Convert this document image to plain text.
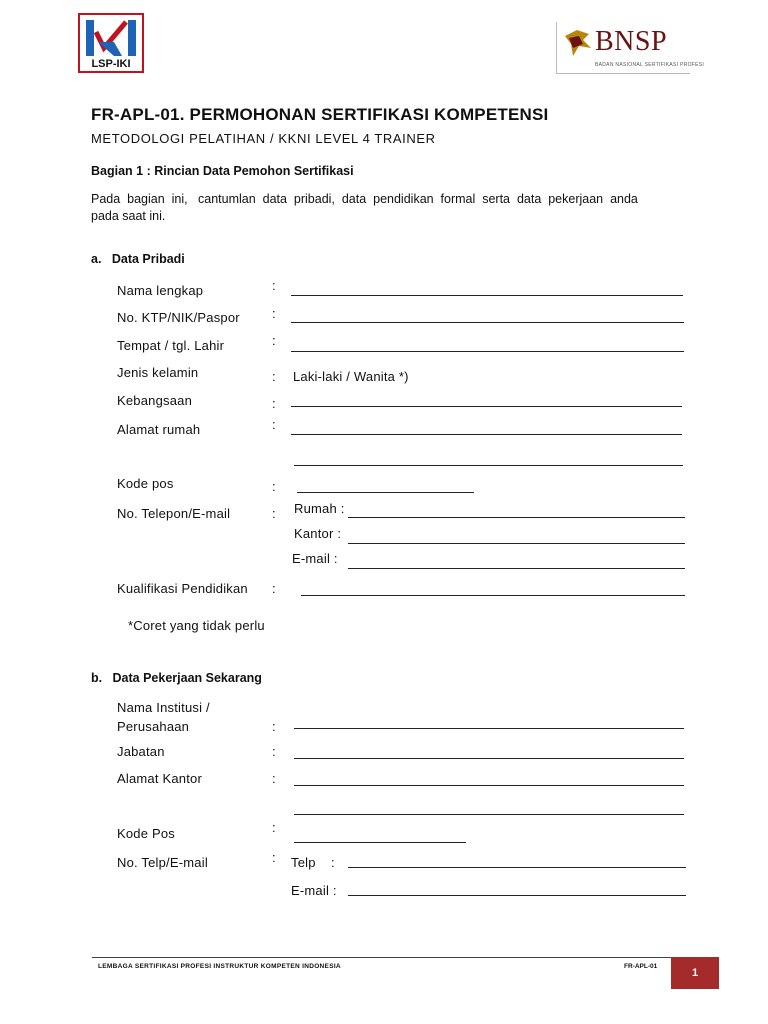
LSP-IKI
BNSP
BADAN NASIONAL SERTIFIKASI PROFESI
FR-APL-01. PERMOHONAN SERTIFIKASI KOMPETENSI
METODOLOGI PELATIHAN / KKNI LEVEL 4 TRAINER
Bagian 1 : Rincian Data Pemohon Sertifikasi
Pada  bagian  ini,   cantumlan  data  pribadi,  data  pendidikan  formal  serta  data  pekerjaan  anda
pada saat ini.
a.   Data Pribadi
Nama lengkap	:
No. KTP/NIK/Paspor :
Tempat / tgl. Lahir	:
Jenis kelamin	: Laki-laki / Wanita *)
Kebangsaan	:
Alamat rumah	:
Kode pos	:
No. Telepon/E-mail	: Rumah :
Kantor :
E-mail :
Kualifikasi Pendidikan :
*Coret yang tidak perlu
b.   Data Pekerjaan Sekarang
Nama Institusi /
Perusahaan	:
Jabatan	:
Alamat Kantor	:
Kode Pos	:
No. Telp/E-mail	: Telp :
E-mail :
LEMBAGA SERTIFIKASI PROFESI INSTRUKTUR KOMPETEN INDONESIA	FR-APL-01
1
